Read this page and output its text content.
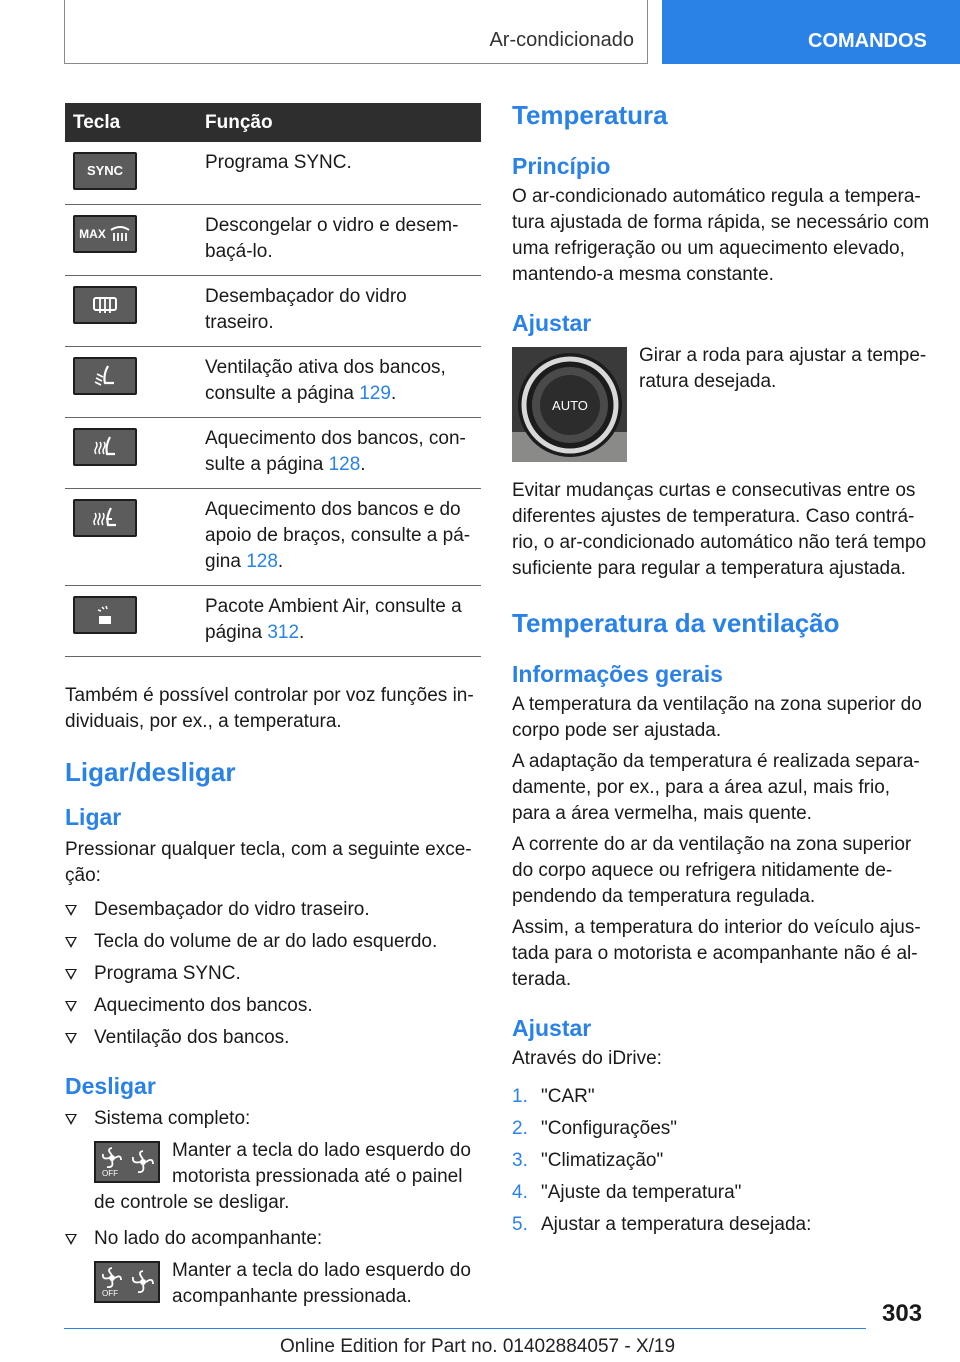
Ar-condicionado	COMANDOS
Tecla	Função

SYNC	Programa SYNC.

MAX	Descongelar o vidro e desem-baçá-lo.

	Desembaçador do vidro traseiro.

	Ventilação ativa dos bancos, consulte a página 129.

	Aquecimento dos bancos, con-sulte a página 128.

	Aquecimento dos bancos e do apoio de braços, consulte a pá-gina 128.

	Pacote Ambient Air, consulte a página 312.

Também é possível controlar por voz funções in-dividuais, por ex., a temperatura.

Ligar/desligar
Ligar

Pressionar qualquer tecla, com a seguinte exce-ção:

Desembaçador do vidro traseiro.
Tecla do volume de ar do lado esquerdo.
Programa SYNC.
Aquecimento dos bancos.
Ventilação dos bancos.
Desligar
Sistema completo:
OFF
Manter a tecla do lado esquerdo do motorista pressionada até o painel de controle se desligar.
No lado do acompanhante:
OFF
Manter a tecla do lado esquerdo do acompanhante pressionada.
Temperatura
Princípio

O ar-condicionado automático regula a tempera-tura ajustada de forma rápida, se necessário com uma refrigeração ou um aquecimento elevado, mantendo-a mesma constante.

Ajustar
AUTO

Girar a roda para ajustar a tempe-ratura desejada.

Evitar mudanças curtas e consecutivas entre os diferentes ajustes de temperatura. Caso contrá-rio, o ar-condicionado automático não terá tempo suficiente para regular a temperatura ajustada.

Temperatura da ventilação
Informações gerais

A temperatura da ventilação na zona superior do corpo pode ser ajustada.

A adaptação da temperatura é realizada separa-damente, por ex., para a área azul, mais frio, para a área vermelha, mais quente.

A corrente do ar da ventilação na zona superior do corpo aquece ou refrigera nitidamente de-pendendo da temperatura regulada.

Assim, a temperatura do interior do veículo ajus-tada para o motorista e acompanhante não é al-terada.

Ajustar

Através do iDrive:

1. "CAR"
2. "Configurações"
3. "Climatização"
4. "Ajuste da temperatura"
5. Ajustar a temperatura desejada:
303
Online Edition for Part no. 01402884057 - X/19
